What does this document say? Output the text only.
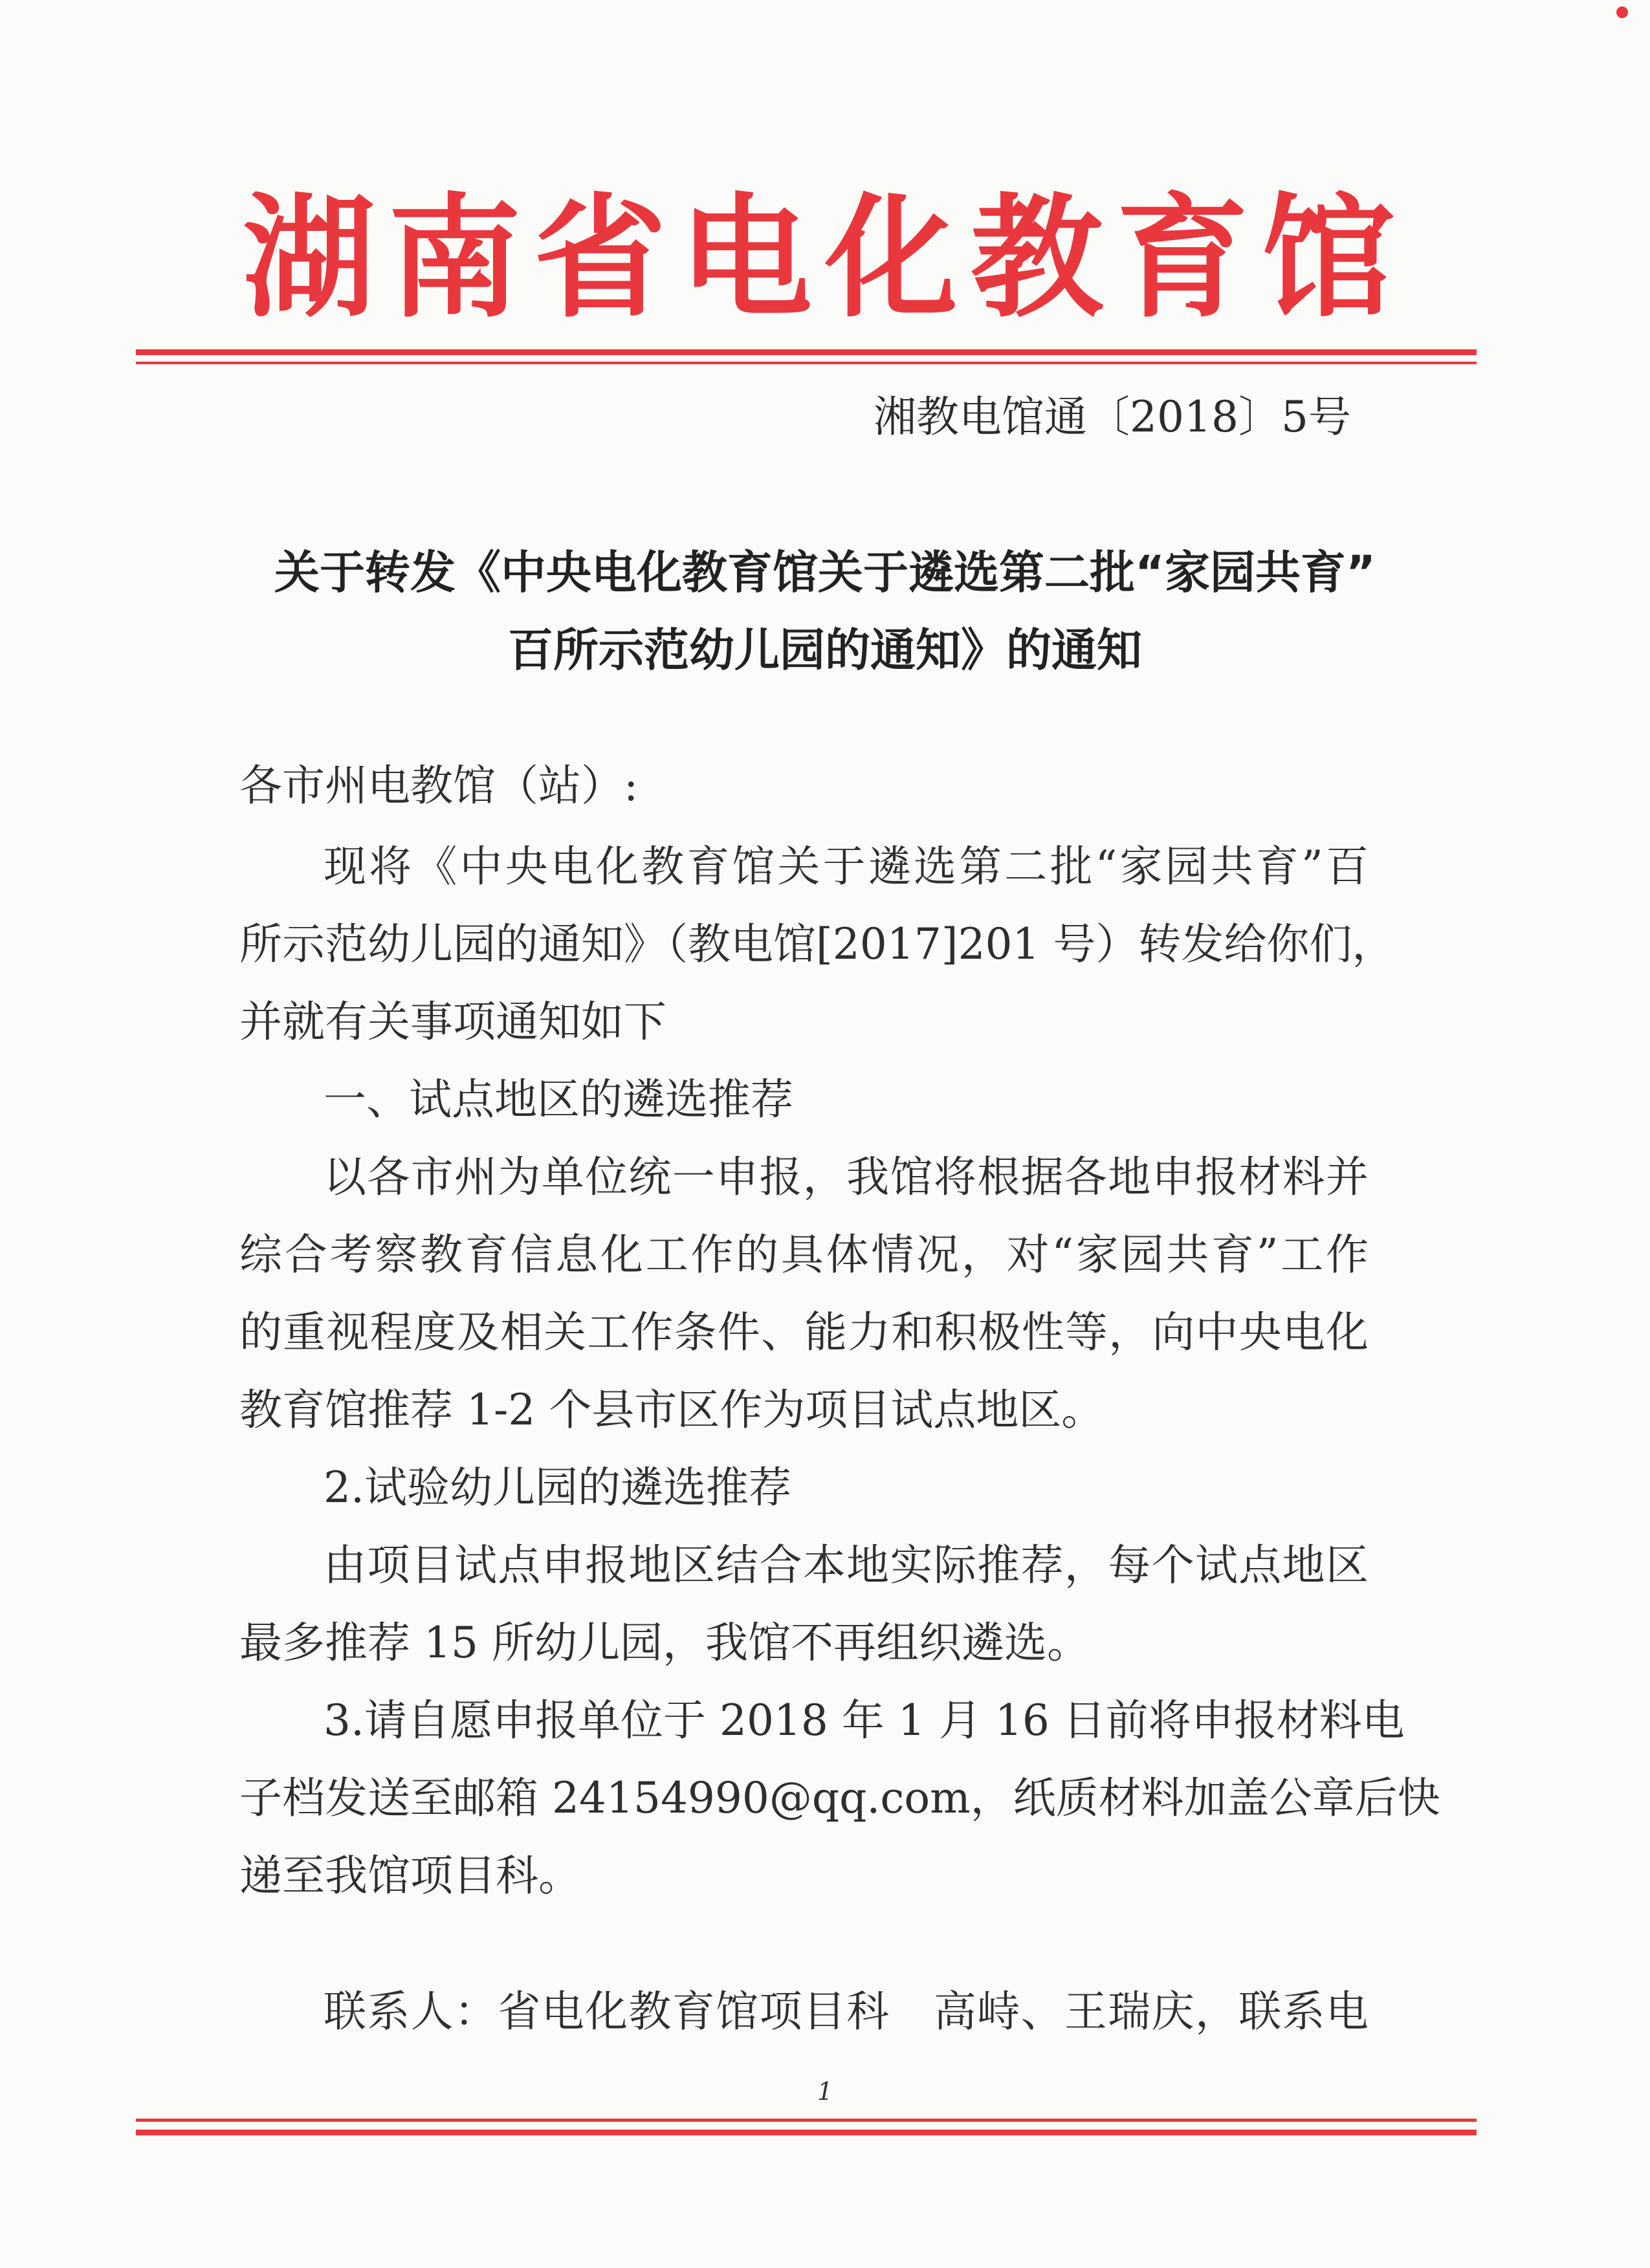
湖南省电化教育馆
湘教电馆通〔2018〕5号
关于转发《中央电化教育馆关于遴选第二批“家园共育”
百所示范幼儿园的通知》的通知
各市州电教馆（站）:
现将《中央电化教育馆关于遴选第二批“家园共育”百
所示范幼儿园的通知》（教电馆[2017]201 号）转发给你们，
并就有关事项通知如下
一、试点地区的遴选推荐
以各市州为单位统一申报，我馆将根据各地申报材料并
综合考察教育信息化工作的具体情况，对“家园共育”工作
的重视程度及相关工作条件、能力和积极性等，向中央电化
教育馆推荐 1-2 个县市区作为项目试点地区。
2.试验幼儿园的遴选推荐
由项目试点申报地区结合本地实际推荐，每个试点地区
最多推荐 15 所幼儿园，我馆不再组织遴选。
3.请自愿申报单位于 2018 年 1 月 16 日前将申报材料电
子档发送至邮箱 24154990@qq.com，纸质材料加盖公章后快
递至我馆项目科。
联系人：省电化教育馆项目科　高峙、王瑞庆，联系电
1
